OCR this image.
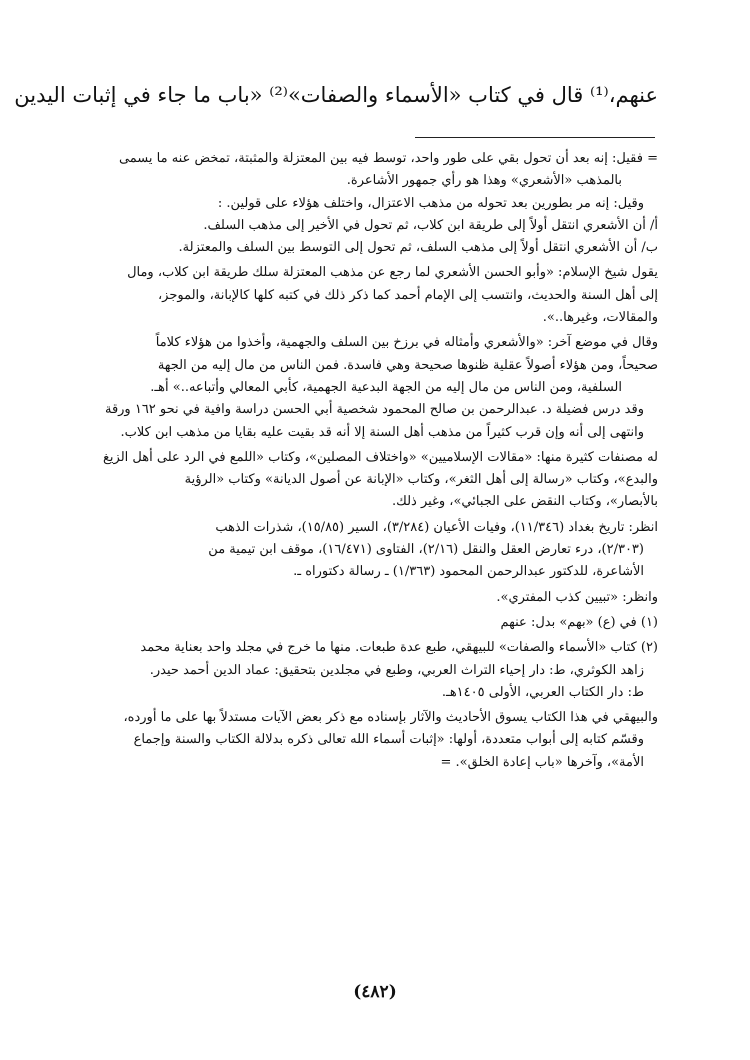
عنهم،⁽¹⁾ قال في كتاب «الأسماء والصفات»⁽²⁾ «باب ما جاء في إثبات اليدين

= فقيل: إنه بعد أن تحول بقي على طور واحد، توسط فيه بين المعتزلة والمثبتة، تمخض عنه ما يسمى

بالمذهب «الأشعري» وهذا هو رأي جمهور الأشاعرة.

وقيل: إنه مر بطورين بعد تحوله من مذهب الاعتزال، واختلف هؤلاء على قولين. :

أ/ أن الأشعري انتقل أولاً إلى طريقة ابن كلاب، ثم تحول في الأخير إلى مذهب السلف.

ب/ أن الأشعري انتقل أولاً إلى مذهب السلف، ثم تحول إلى التوسط بين السلف والمعتزلة.

يقول شيخ الإسلام: «وأبو الحسن الأشعري لما رجع عن مذهب المعتزلة سلك طريقة ابن كلاب، ومال

إلى أهل السنة والحديث، وانتسب إلى الإمام أحمد كما ذكر ذلك في كتبه كلها كالإبانة، والموجز،

والمقالات، وغيرها..».

وقال في موضع آخر: «والأشعري وأمثاله في برزخ بين السلف والجهمية، وأخذوا من هؤلاء كلاماً

صحيحاً، ومن هؤلاء أصولاً عقلية ظنوها صحيحة وهي فاسدة. فمن الناس من مال إليه من الجهة

السلفية، ومن الناس من مال إليه من الجهة البدعية الجهمية، كأبي المعالي وأتباعه..» أهـ.

وقد درس فضيلة د. عبدالرحمن بن صالح المحمود شخصية أبي الحسن دراسة وافية في نحو ١٦٢ ورقة

وانتهى إلى أنه وإن قرب كثيراً من مذهب أهل السنة إلا أنه قد بقيت عليه بقايا من مذهب ابن كلاب.

له مصنفات كثيرة منها: «مقالات الإسلاميين» «واختلاف المصلين»، وكتاب «اللمع في الرد على أهل الزيغ

والبدع»، وكتاب «رسالة إلى أهل الثغر»، وكتاب «الإبانة عن أصول الديانة» وكتاب «الرؤية

بالأبصار»، وكتاب النقض على الجبائي»، وغير ذلك.

انظر: تاريخ بغداد (١١/٣٤٦)، وفيات الأعيان (٣/٢٨٤)، السير (١٥/٨٥)، شذرات الذهب

(٢/٣٠٣)، درء تعارض العقل والنقل (٢/١٦)، الفتاوى (١٦/٤٧١)، موقف ابن تيمية من

الأشاعرة، للدكتور عبدالرحمن المحمود (١/٣٦٣) ـ رسالة دكتوراه ـ.

وانظر: «تبيين كذب المفتري».

(١) في (ع) «بهم» بدل: عنهم

(٢) كتاب «الأسماء والصفات» للبيهقي، طبع عدة طبعات. منها ما خرج في مجلد واحد بعناية محمد

زاهد الكوثري، ط: دار إحياء التراث العربي، وطبع في مجلدين بتحقيق: عماد الدين أحمد حيدر.

ط: دار الكتاب العربي، الأولى ١٤٠٥هـ.

والبيهقي في هذا الكتاب يسوق الأحاديث والآثار بإسناده مع ذكر بعض الآيات مستدلاً بها على ما أورده،

وقسّم كتابه إلى أبواب متعددة، أولها: «إثبات أسماء الله تعالى ذكره بدلالة الكتاب والسنة وإجماع

الأمة»، وآخرها «باب إعادة الخلق». =

(٤٨٢)
